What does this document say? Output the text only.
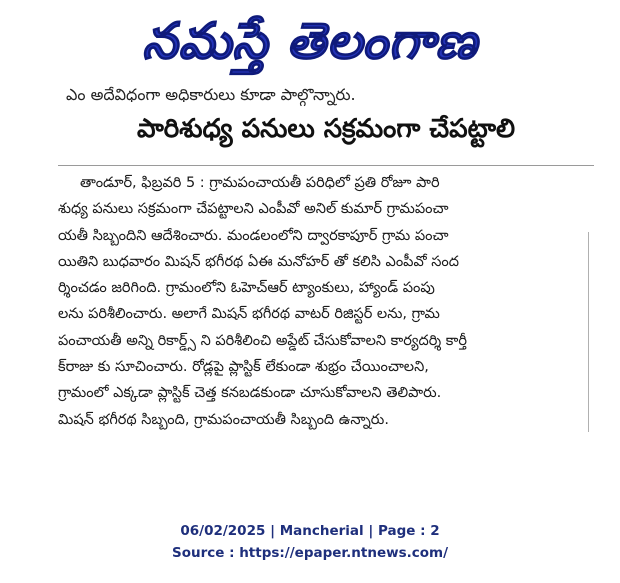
నమస్తే తెలంగాణ
ఎం అదేవిధంగా అధికారులు కూడా పాల్గొన్నారు.
పారిశుధ్య పనులు సక్రమంగా చేపట్టాలి

తాండూర్, ఫిబ్రవరి 5 : గ్రామపంచాయతీ పరిధిలో ప్రతి రోజూ పారి

శుధ్య పనులు సక్రమంగా చేపట్టాలని ఎంపీవో అనిల్ కుమార్ గ్రామపంచా

యతీ సిబ్బందిని ఆదేశించారు. మండలంలోని ద్వారకాపూర్ గ్రామ పంచా

యితిని బుధవారం మిషన్ భగీరథ ఏఈ మనోహర్ తో కలిసి ఎంపీవో సంద

ర్శించడం జరిగింది. గ్రామంలోని ఓహెచ్ఆర్ ట్యాంకులు, హ్యాండ్ పంపు

లను పరిశీలించారు. అలాగే మిషన్ భగీరథ వాటర్ రిజిస్టర్ లను, గ్రామ

పంచాయతీ అన్ని రికార్డ్స్ ని పరిశీలించి అప్డేట్ చేసుకోవాలని కార్యదర్శి కార్తీ

క్‌రాజు కు సూచించారు. రోడ్లపై ప్లాస్టిక్ లేకుండా శుభ్రం చేయించాలని,

గ్రామంలో ఎక్కడా ప్లాస్టిక్ చెత్త కనబడకుండా చూసుకోవాలని తెలిపారు.

మిషన్ భగీరథ సిబ్బంది, గ్రామపంచాయతీ సిబ్బంది ఉన్నారు.

06/02/2025 | Mancherial | Page : 2
Source : https://epaper.ntnews.com/
